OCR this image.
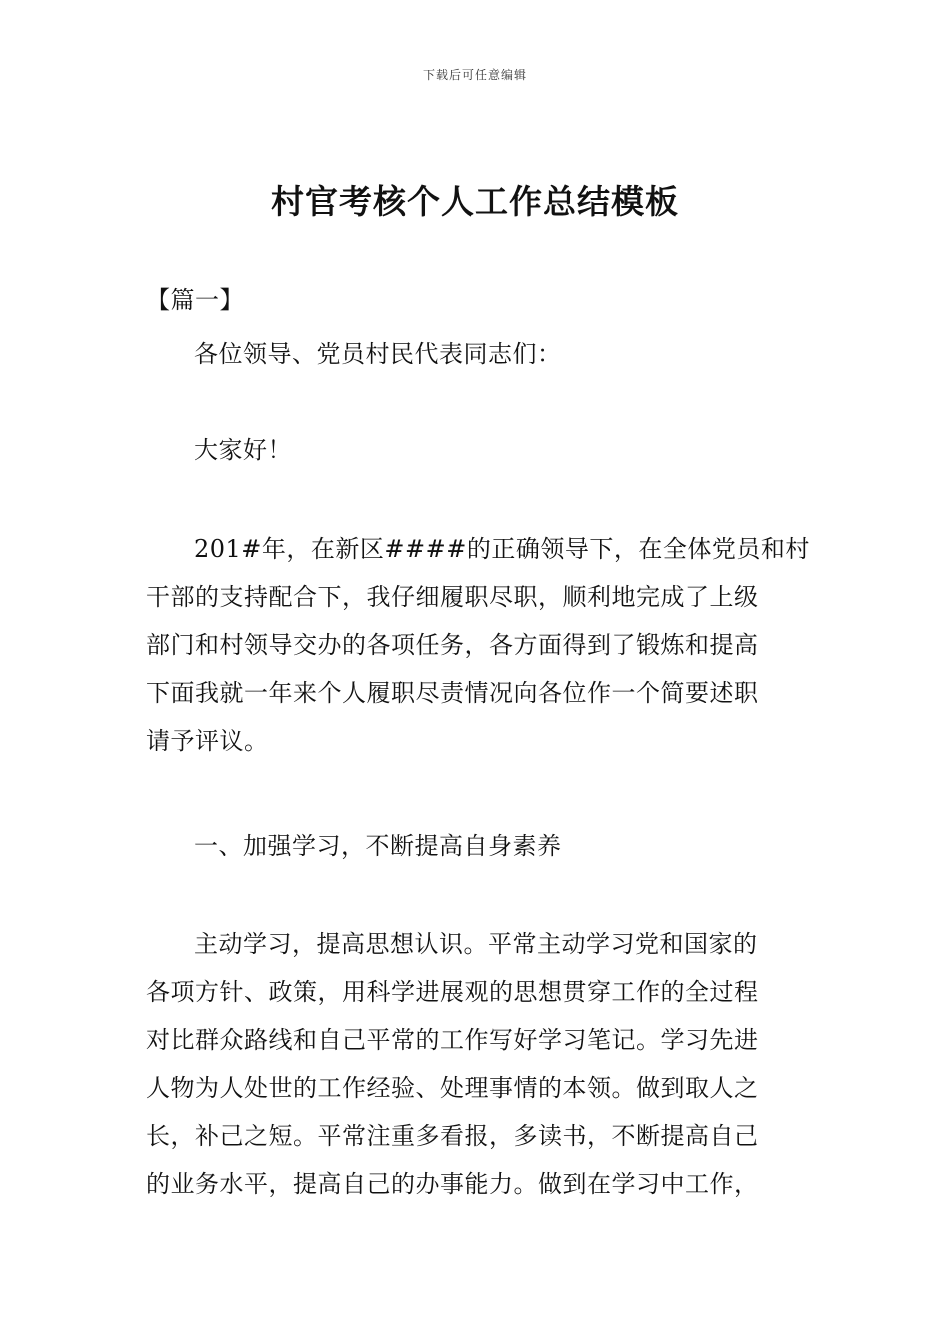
下载后可任意编辑
村官考核个人工作总结模板
【篇一】
各位领导、党员村民代表同志们：
大家好！
201#年，在新区####的正确领导下，在全体党员和村
干部的支持配合下，我仔细履职尽职，顺利地完成了上级
部门和村领导交办的各项任务，各方面得到了锻炼和提高
下面我就一年来个人履职尽责情况向各位作一个简要述职
请予评议。
一、加强学习，不断提高自身素养
主动学习，提高思想认识。平常主动学习党和国家的
各项方针、政策，用科学进展观的思想贯穿工作的全过程
对比群众路线和自己平常的工作写好学习笔记。学习先进
人物为人处世的工作经验、处理事情的本领。做到取人之
长，补己之短。平常注重多看报，多读书，不断提高自己
的业务水平，提高自己的办事能力。做到在学习中工作，
